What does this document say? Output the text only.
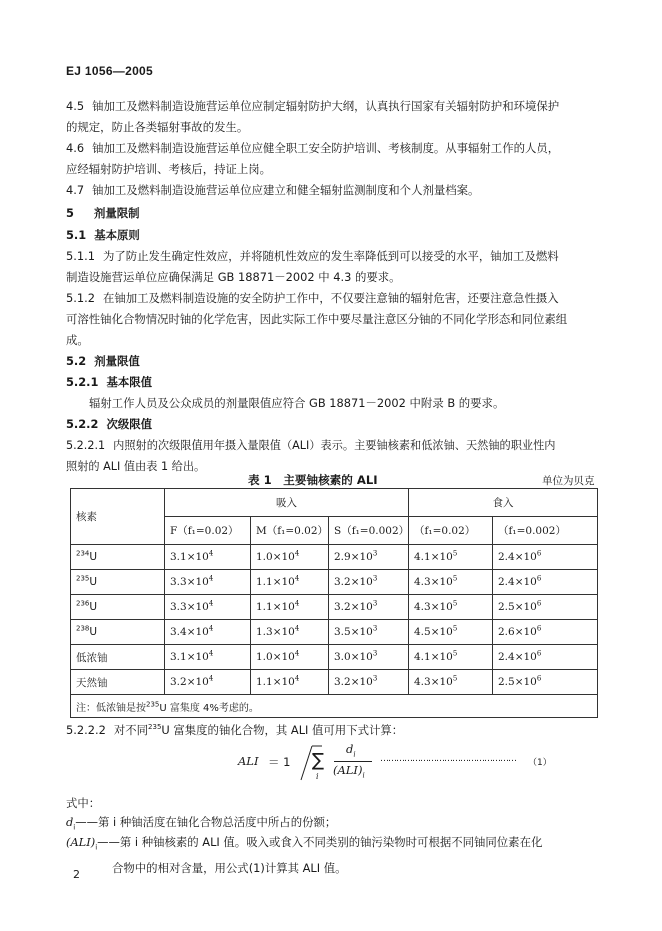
EJ 1056—2005
4.5 铀加工及燃料制造设施营运单位应制定辐射防护大纲，认真执行国家有关辐射防护和环境保护
的规定，防止各类辐射事故的发生。
4.6 铀加工及燃料制造设施营运单位应健全职工安全防护培训、考核制度。从事辐射工作的人员，
应经辐射防护培训、考核后，持证上岗。
4.7 铀加工及燃料制造设施营运单位应建立和健全辐射监测制度和个人剂量档案。
5 剂量限制
5.1 基本原则
5.1.1 为了防止发生确定性效应，并将随机性效应的发生率降低到可以接受的水平，铀加工及燃料
制造设施营运单位应确保满足 GB 18871－2002 中 4.3 的要求。
5.1.2 在铀加工及燃料制造设施的安全防护工作中，不仅要注意铀的辐射危害，还要注意急性摄入
可溶性铀化合物情况时铀的化学危害，因此实际工作中要尽量注意区分铀的不同化学形态和同位素组
成。
5.2 剂量限值
5.2.1 基本限值
辐射工作人员及公众成员的剂量限值应符合 GB 18871－2002 中附录 B 的要求。
5.2.2 次级限值
5.2.2.1 内照射的次级限值用年摄入量限值（ALI）表示。主要铀核素和低浓铀、天然铀的职业性内
照射的 ALI 值由表 1 给出。
表 1　主要铀核素的 ALI	单位为贝克
核素	吸入			食入	
	F（f₁=0.02）	M（f₁=0.02）	S（f₁=0.002）	（f₁=0.02）	（f₁=0.002）
$^{234}$U	$3.1\times 10^4$	$1.0\times 10^4$	$2.9\times 10^3$	$4.1\times 10^5$	$2.4\times 10^6$
$^{235}$U	$3.3\times 10^4$	$1.1\times 10^4$	$3.2\times 10^3$	$4.3\times 10^5$	$2.4\times 10^6$
$^{236}$U	$3.3\times 10^4$	$1.1\times 10^4$	$3.2\times 10^3$	$4.3\times 10^5$	$2.5\times 10^6$
$^{238}$U	$3.4\times 10^4$	$1.3\times 10^4$	$3.5\times 10^3$	$4.5\times 10^5$	$2.6\times 10^6$
低浓铀	$3.1\times 10^4$	$1.0\times 10^4$	$3.0\times 10^3$	$4.1\times 10^5$	$2.4\times 10^6$
天然铀	$3.2\times 10^4$	$1.1\times 10^4$	$3.2\times 10^3$	$4.3\times 10^5$	$2.5\times 10^6$
注：低浓铀是按$^{235}$U 富集度 4%考虑的。					
5.2.2.2 对不同$^{235}$U 富集度的铀化合物，其 ALI 值可用下式计算：
ALI ＝ 1 ∑
i
$d_i$
$(ALI)_i$
…………………………………………… （1）
式中：
$d_i——$第 i 种铀活度在铀化合物总活度中所占的份额；
$(ALI)_i——$第 i 种铀核素的 ALI 值。吸入或食入不同类别的铀污染物时可根据不同铀同位素在化
合物中的相对含量，用公式(1)计算其 ALI 值。
2
